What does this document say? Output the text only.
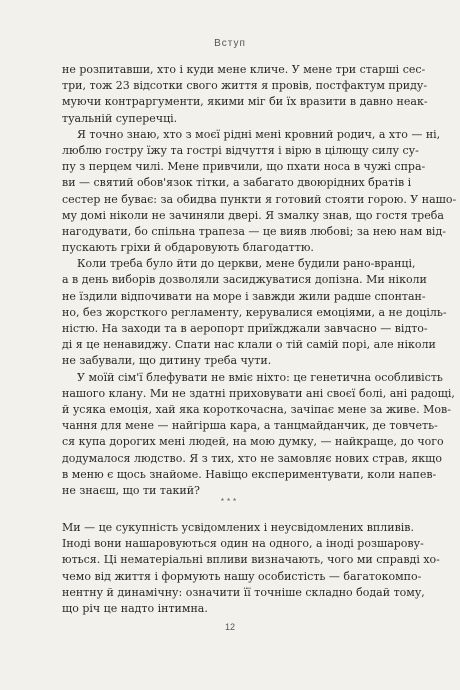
Вступ
не розпитавши, хто і куди мене кличе. У мене три старші сес-
три, тож 23 відсотки свого життя я провів, постфактум приду-
муючи контраргументи, якими міг би їх вразити в давно неак-
туальній суперечці.
Я точно знаю, хто з моєї рідні мені кровний родич, а хто — ні,
люблю гостру їжу та гострі відчуття і вірю в цілющу силу су-
пу з перцем чилі. Мене привчили, що пхати носа в чужі спра-
ви — святий обов'язок тітки, а забагато двоюрідних братів і
сестер не буває: за обидва пункти я готовий стояти горою. У нашо-
му домі ніколи не зачиняли двері. Я змалку знав, що гостя треба
нагодувати, бо спільна трапеза — це вияв любові; за нею нам від-
пускають гріхи й обдаровують благодаттю.
Коли треба було йти до церкви, мене будили рано-вранці,
а в день виборів дозволяли засиджуватися допізна. Ми ніколи
не їздили відпочивати на море і завжди жили радше спонтан-
но, без жорсткого регламенту, керувалися емоціями, а не доціль-
ністю. На заходи та в аеропорт приїжджали завчасно — відто-
ді я це ненавиджу. Спати нас клали о тій самій порі, але ніколи
не забували, що дитину треба чути.
У моїй сім'ї блефувати не вміє ніхто: це генетична особливість
нашого клану. Ми не здатні приховувати ані своєї болі, ані радощі,
й усяка емоція, хай яка короткочасна, зачіпає мене за живе. Мов-
чання для мене — найгірша кара, а танцмайданчик, де товчеть-
ся купа дорогих мені людей, на мою думку, — найкраще, до чого
додумалося людство. Я з тих, хто не замовляє нових страв, якщо
в меню є щось знайоме. Навіщо експериментувати, коли напев-
не знаєш, що ти такий?
***
Ми — це сукупність усвідомлених і неусвідомлених впливів.
Іноді вони нашаровуються один на одного, а іноді розшарову-
ються. Ці нематеріальні впливи визначають, чого ми справді хо-
чемо від життя і формують нашу особистість — багатокомпо-
нентну й динамічну: означити її точніше складно бодай тому,
що річ це надто інтимна.
12
